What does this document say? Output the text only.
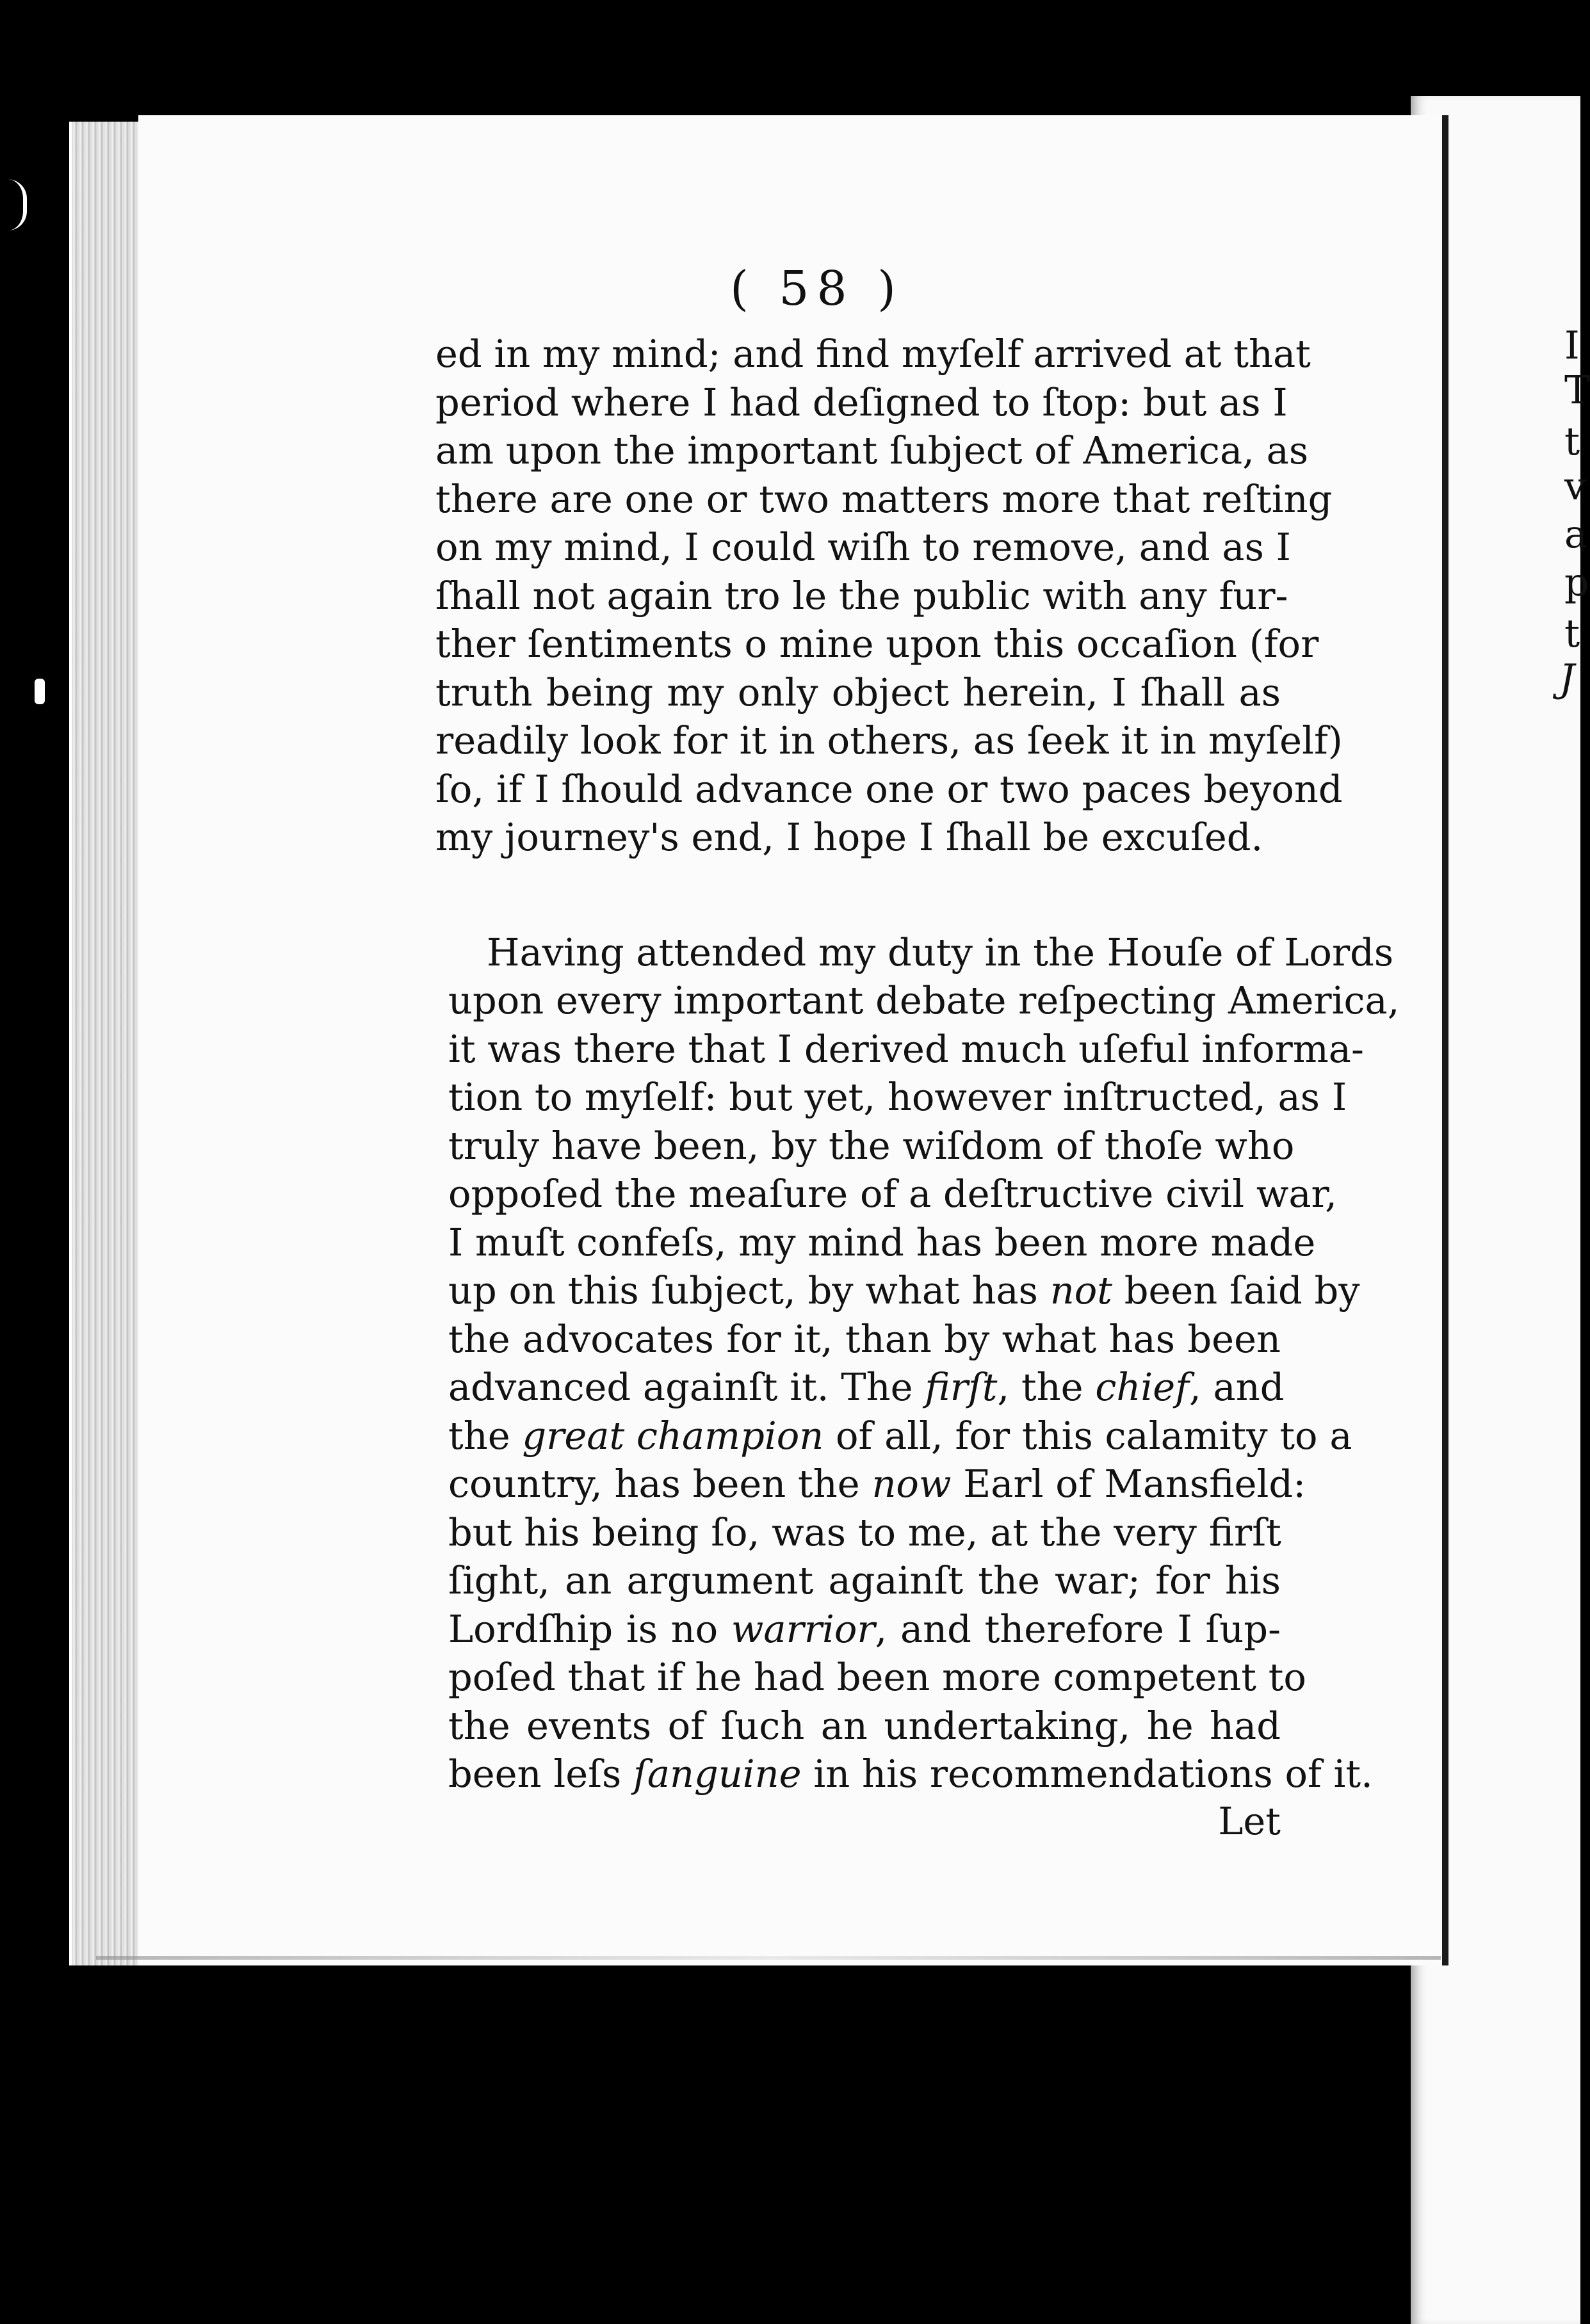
I
T
t
v
a
p
t
J
( 58 )
ed in my mind; and find myſelf arrived at that
period where I had deſigned to ſtop: but as I
am upon the important ſubject of America, as
there are one or two matters more that reſting
on my mind, I could wiſh to remove, and as I
ſhall not again tro le the public with any fur-
ther ſentiments o mine upon this occaſion (for
truth being my only object herein, I ſhall as
readily look for it in others, as ſeek it in myſelf)
ſo, if I ſhould advance one or two paces beyond
my journey's end, I hope I ſhall be excuſed.
Having attended my duty in the Houſe of Lords
upon every important debate reſpecting America,
it was there that I derived much uſeful informa-
tion to myſelf: but yet, however inſtructed, as I
truly have been, by the wiſdom of thoſe who
oppoſed the meaſure of a deſtructive civil war,
I muſt confeſs, my mind has been more made
up on this ſubject, by what has not been ſaid by
the advocates for it, than by what has been
advanced againſt it. The firſt, the chief, and
the great champion of all, for this calamity to a
country, has been the now Earl of Mansfield:
but his being ſo, was to me, at the very firſt
ſight, an argument againſt the war; for his
Lordſhip is no warrior, and therefore I ſup-
poſed that if he had been more competent to
the events of ſuch an undertaking, he had
been leſs ſanguine in his recommendations of it.
Let
